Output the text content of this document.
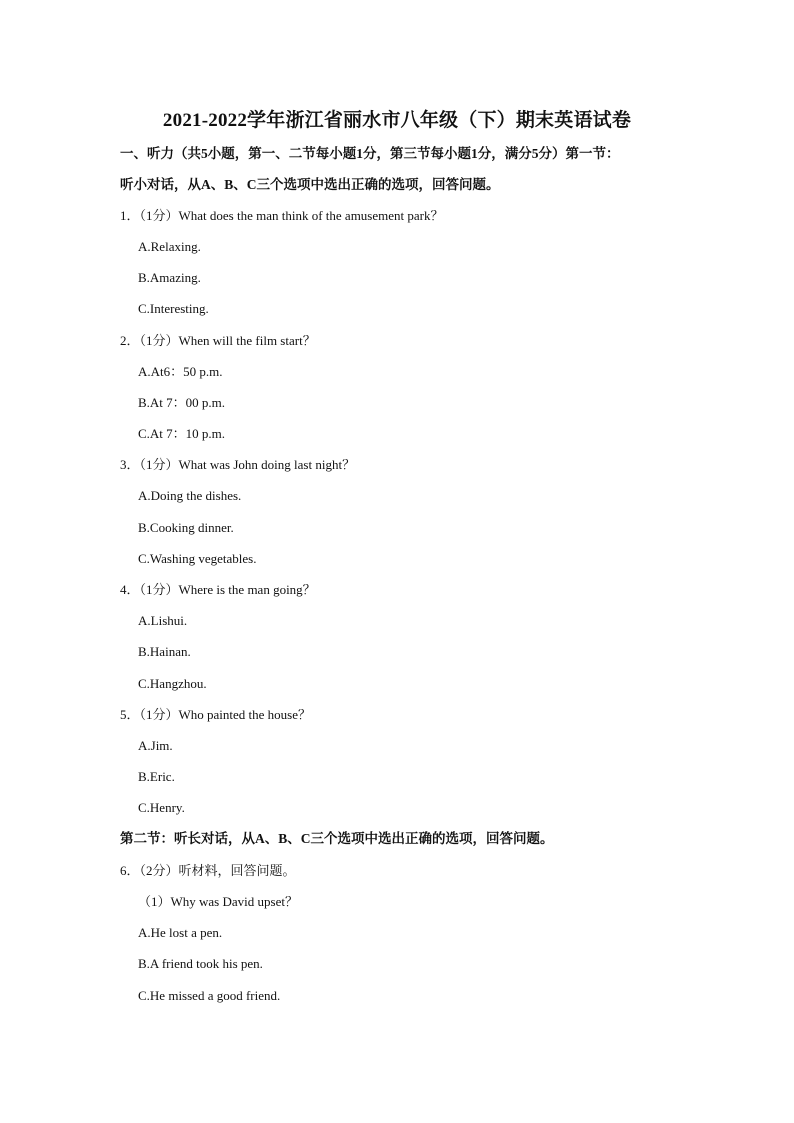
2021-2022学年浙江省丽水市八年级（下）期末英语试卷
一、听力（共5小题，第一、二节每小题1分，第三节每小题1分，满分5分）第一节：
听小对话，从A、B、C三个选项中选出正确的选项，回答问题。
1．（1分）What does the man think of the amusement park？
A.Relaxing.
B.Amazing.
C.Interesting.
2．（1分）When will the film start？
A.At6：50 p.m.
B.At 7：00 p.m.
C.At 7：10 p.m.
3．（1分）What was John doing last night？
A.Doing the dishes.
B.Cooking dinner.
C.Washing vegetables.
4．（1分）Where is the man going？
A.Lishui.
B.Hainan.
C.Hangzhou.
5．（1分）Who painted the house？
A.Jim.
B.Eric.
C.Henry.
第二节：听长对话，从A、B、C三个选项中选出正确的选项，回答问题。
6．（2分）听材料，回答问题。
（1）Why was David upset？
A.He lost a pen.
B.A friend took his pen.
C.He missed a good friend.
